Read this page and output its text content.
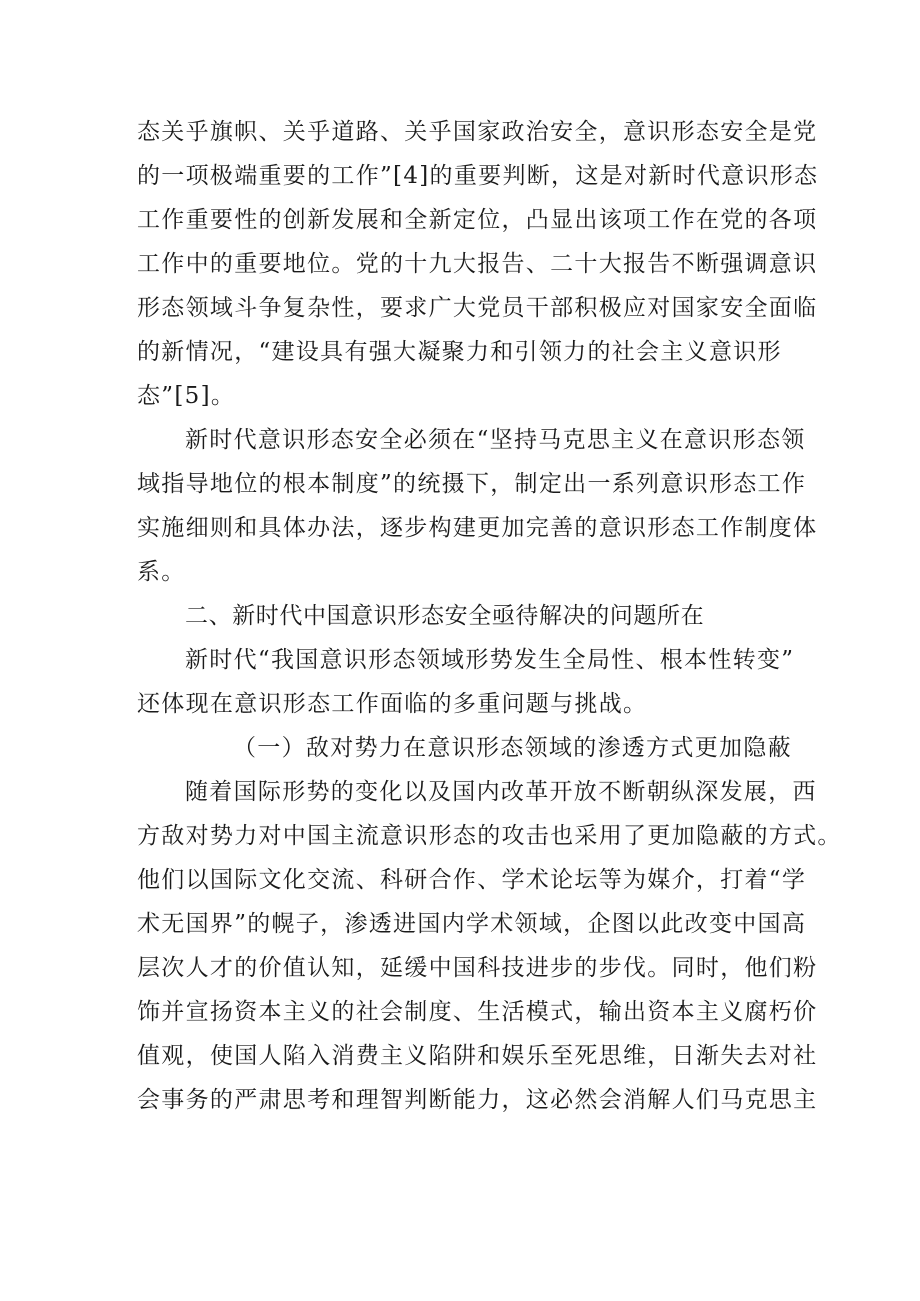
态关乎旗帜、关乎道路、关乎国家政治安全，意识形态安全是党
的一项极端重要的工作”[4]的重要判断，这是对新时代意识形态
工作重要性的创新发展和全新定位，凸显出该项工作在党的各项
工作中的重要地位。党的十九大报告、二十大报告不断强调意识
形态领域斗争复杂性，要求广大党员干部积极应对国家安全面临
的新情况，“建设具有强大凝聚力和引领力的社会主义意识形
态”[5]。
新时代意识形态安全必须在“坚持马克思主义在意识形态领
域指导地位的根本制度”的统摄下，制定出一系列意识形态工作
实施细则和具体办法，逐步构建更加完善的意识形态工作制度体
系。
二、新时代中国意识形态安全亟待解决的问题所在
新时代“我国意识形态领域形势发生全局性、根本性转变”
还体现在意识形态工作面临的多重问题与挑战。
（一）敌对势力在意识形态领域的渗透方式更加隐蔽
随着国际形势的变化以及国内改革开放不断朝纵深发展，西
方敌对势力对中国主流意识形态的攻击也采用了更加隐蔽的方式。
他们以国际文化交流、科研合作、学术论坛等为媒介，打着“学
术无国界”的幌子，渗透进国内学术领域，企图以此改变中国高
层次人才的价值认知，延缓中国科技进步的步伐。同时，他们粉
饰并宣扬资本主义的社会制度、生活模式，输出资本主义腐朽价
值观，使国人陷入消费主义陷阱和娱乐至死思维，日渐失去对社
会事务的严肃思考和理智判断能力，这必然会消解人们马克思主
